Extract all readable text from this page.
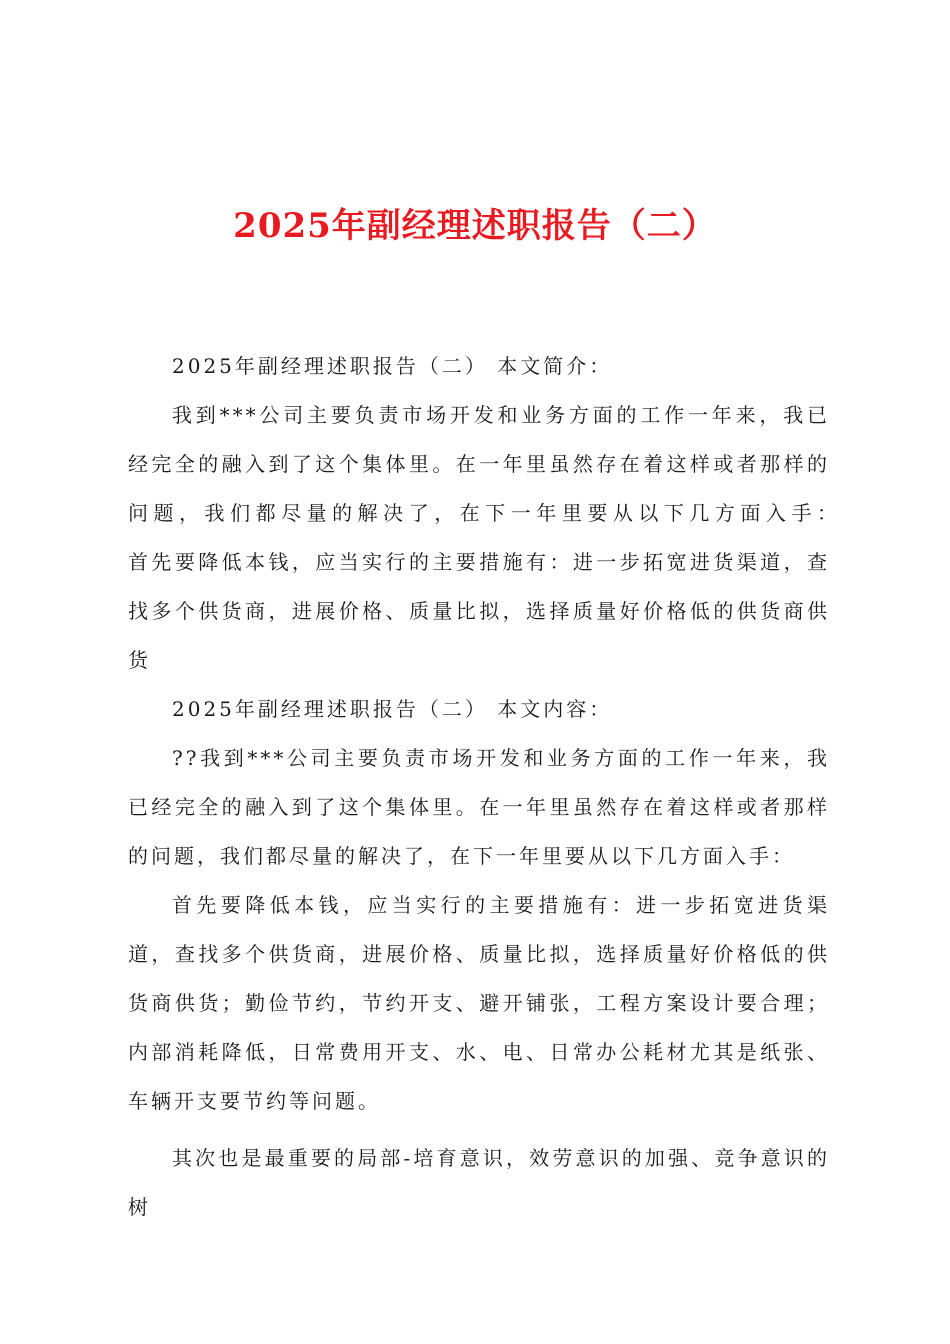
2025年副经理述职报告（二）

2025年副经理述职报告（二） 本文简介：

我到***公司主要负责市场开发和业务方面的工作一年来，我已经完全的融入到了这个集体里。在一年里虽然存在着这样或者那样的问题，我们都尽量的解决了，在下一年里要从以下几方面入手：　　首先要降低本钱，应当实行的主要措施有：进一步拓宽进货渠道，查找多个供货商，进展价格、质量比拟，选择质量好价格低的供货商供货

2025年副经理述职报告（二） 本文内容：

??我到***公司主要负责市场开发和业务方面的工作一年来，我已经完全的融入到了这个集体里。在一年里虽然存在着这样或者那样的问题，我们都尽量的解决了，在下一年里要从以下几方面入手：

首先要降低本钱，应当实行的主要措施有：进一步拓宽进货渠道，查找多个供货商，进展价格、质量比拟，选择质量好价格低的供货商供货；勤俭节约，节约开支、避开铺张，工程方案设计要合理；内部消耗降低，日常费用开支、水、电、日常办公耗材尤其是纸张、车辆开支要节约等问题。

其次也是最重要的局部-培育意识，效劳意识的加强、竞争意识的树
